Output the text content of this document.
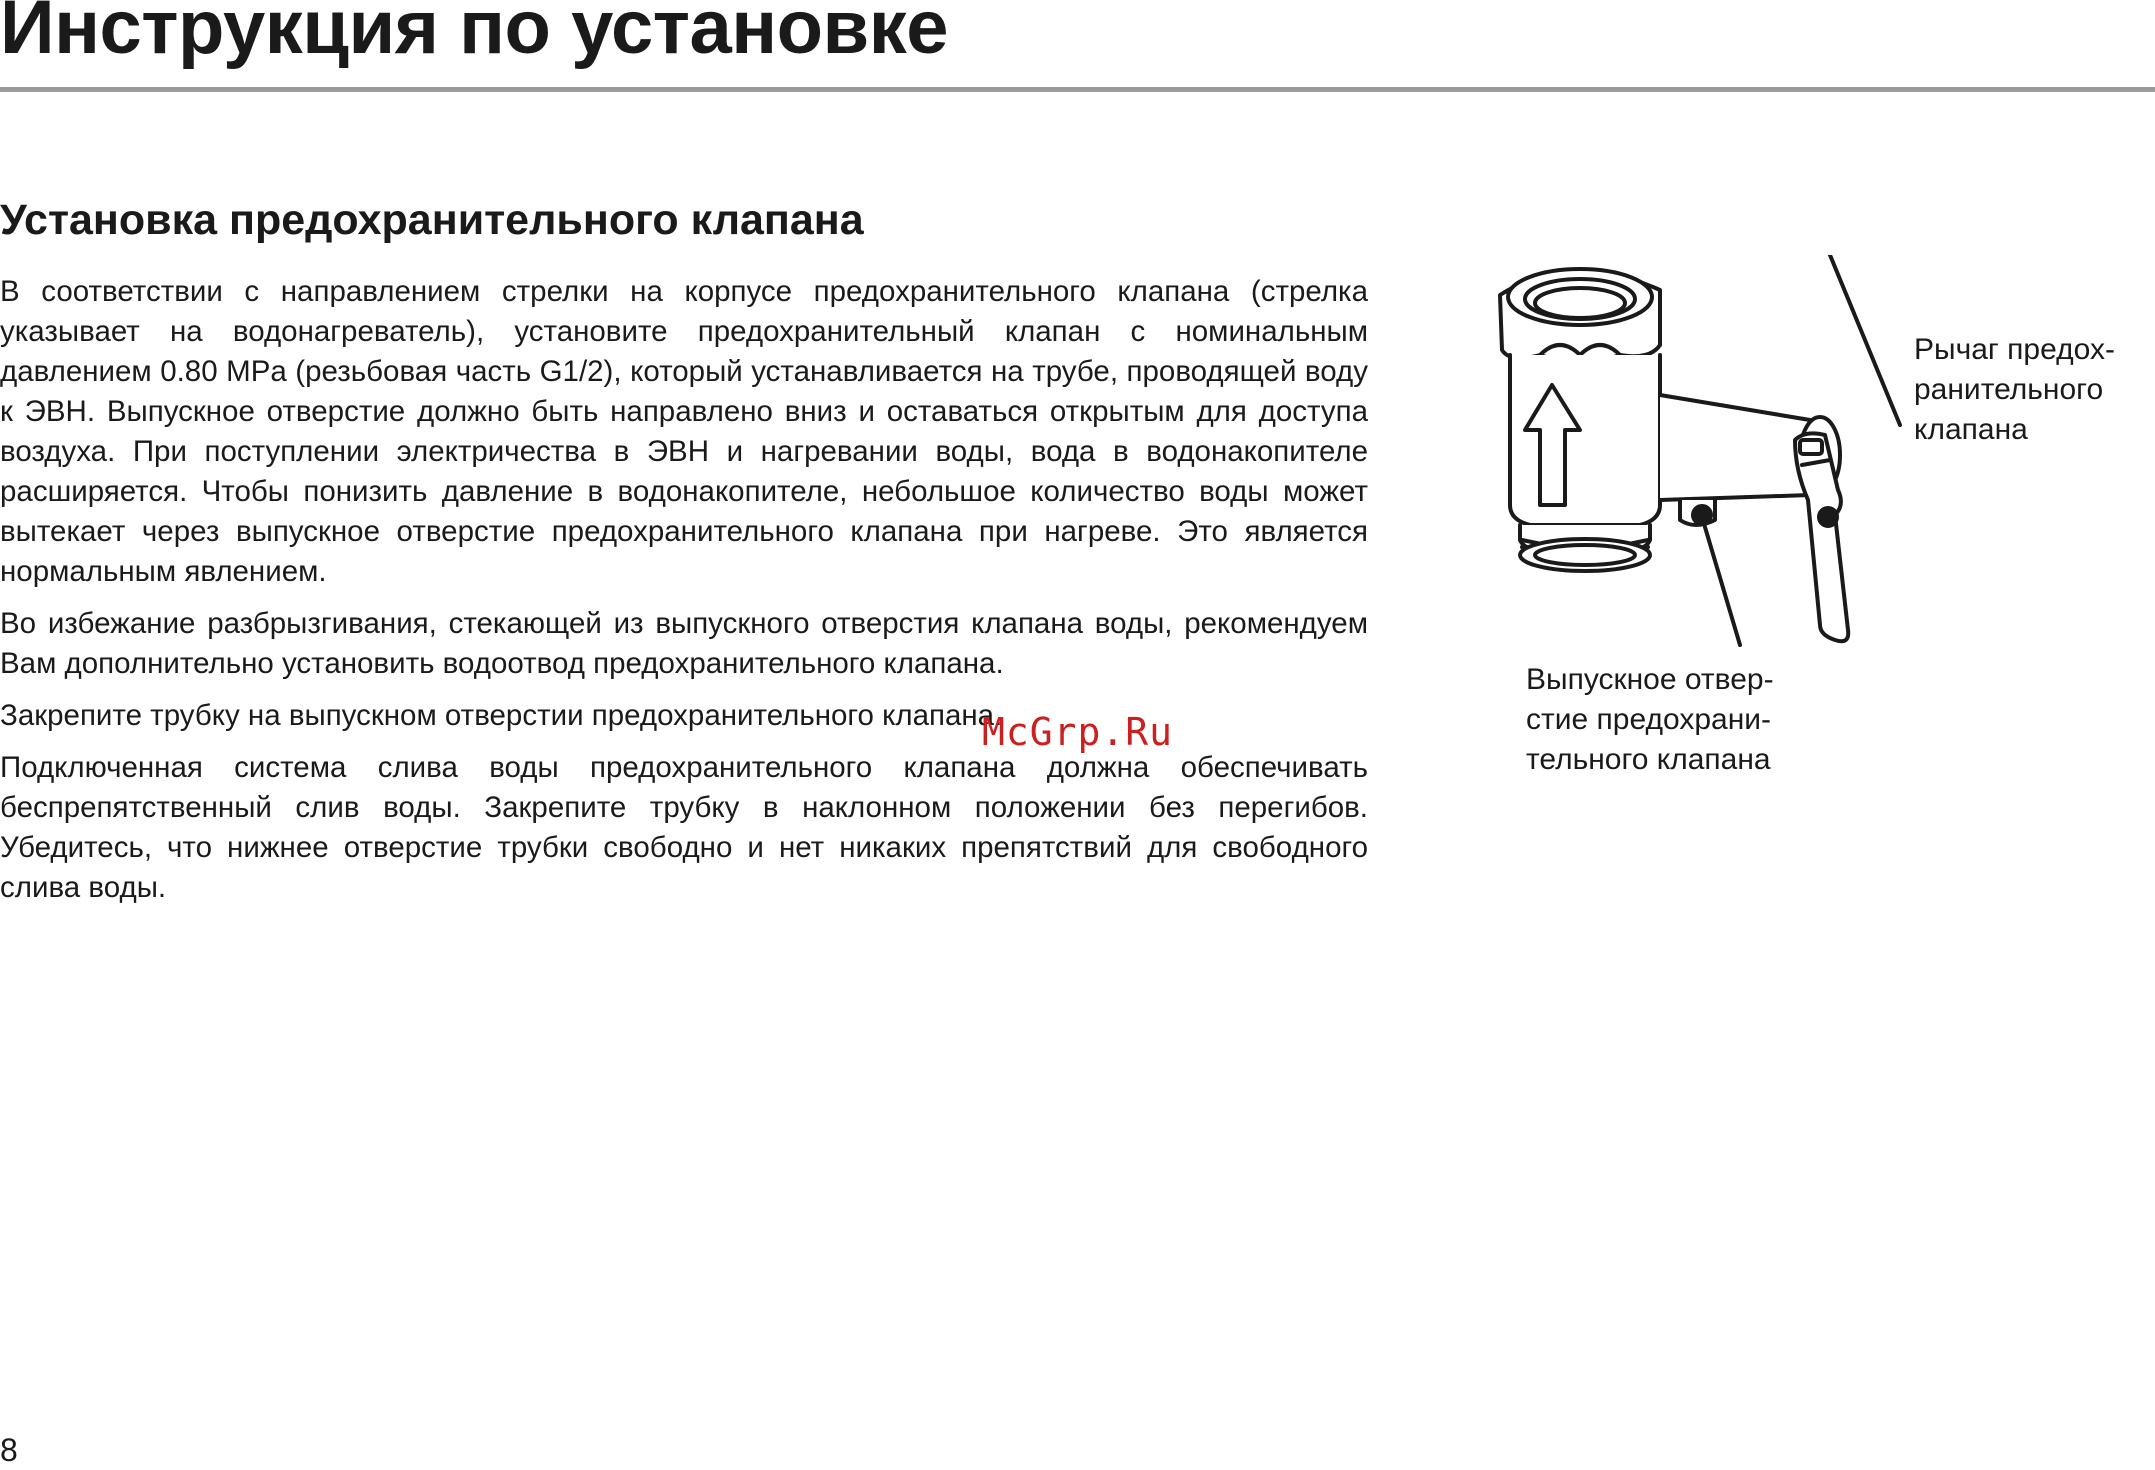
Инструкция по установке
Установка предохранительного клапана

В соответствии с направлением стрелки на корпусе предохранительного клапана (стрелка указывает на водонагреватель), установите предохранительный клапан с номинальным давлением 0.80 MPa (резьбовая часть G1/2), который устанавливается на трубе, проводящей воду к ЭВН. Выпускное отверстие должно быть направлено вниз и оставаться открытым для доступа воздуха. При поступлении электричества в ЭВН и нагревании воды, вода в водонакопителе расширяется. Чтобы понизить давление в водонакопителе, небольшое количество воды может вытекает через выпускное отверстие предохранительного клапана при нагреве. Это является нормальным явлением.

Во избежание разбрызгивания, стекающей из выпускного отверстия клапана воды, рекомендуем Вам дополнительно установить водоотвод предохранительного клапана.

Закрепите трубку на выпускном отверстии предохранительного клапана.

Подключенная система слива воды предохранительного клапана должна обеспечивать беспрепятственный слив воды. Закрепите трубку в наклонном положении без перегибов. Убедитесь, что нижнее отверстие трубки свободно и нет никаких препятствий для свободного слива воды.

McGrp.Ru
Рычаг предох-
ранительного
клапана
Выпускное отвер-
стие предохрани-
тельного клапана
8
